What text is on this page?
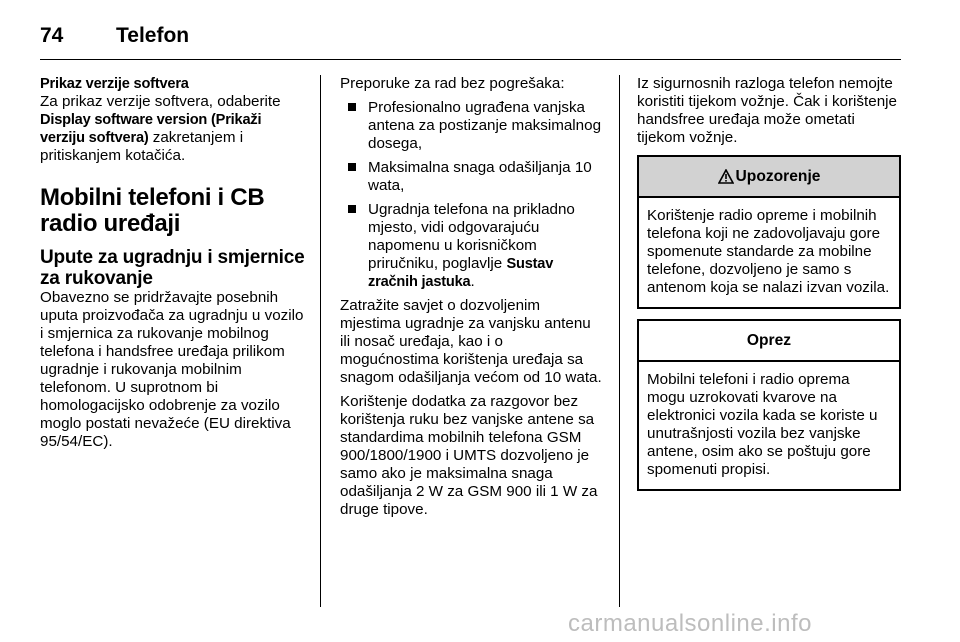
74	Telefon
Prikaz verzije softvera

Za prikaz verzije softvera, odaberite
Display software version (Prikaži verziju softvera) zakretanjem i pritiskanjem kotačića.

Mobilni telefoni i CB radio uređaji
Upute za ugradnju i smjernice za rukovanje

Obavezno se pridržavajte posebnih uputa proizvođača za ugradnju u vozilo i smjernica za rukovanje mobilnog telefona i handsfree uređaja prilikom ugradnje i rukovanja mobilnim telefonom. U suprotnom bi homologacijsko odobrenje za vozilo moglo postati nevažeće (EU direktiva 95/54/EC).

Preporuke za rad bez pogrešaka:

Profesionalno ugrađena vanjska antena za postizanje maksimalnog dosega,
Maksimalna snaga odašiljanja 10 wata,
Ugradnja telefona na prikladno mjesto, vidi odgovarajuću napomenu u korisničkom priručniku, poglavlje Sustav zračnih jastuka.

Zatražite savjet o dozvoljenim mjestima ugradnje za vanjsku antenu ili nosač uređaja, kao i o mogućnostima korištenja uređaja sa snagom odašiljanja većom od 10 wata.

Korištenje dodatka za razgovor bez korištenja ruku bez vanjske antene sa standardima mobilnih telefona GSM 900/1800/1900 i UMTS dozvoljeno je samo ako je maksimalna snaga odašiljanja 2 W za GSM 900 ili 1 W za druge tipove.

Iz sigurnosnih razloga telefon nemojte koristiti tijekom vožnje. Čak i korištenje handsfree uređaja može ometati tijekom vožnje.

Upozorenje

Korištenje radio opreme i mobilnih telefona koji ne zadovoljavaju gore spomenute standarde za mobilne telefone, dozvoljeno je samo s antenom koja se nalazi izvan vozila.

Oprez

Mobilni telefoni i radio oprema mogu uzrokovati kvarove na elektronici vozila kada se koriste u unutrašnjosti vozila bez vanjske antene, osim ako se poštuju gore spomenuti propisi.

carmanualsonline.info
